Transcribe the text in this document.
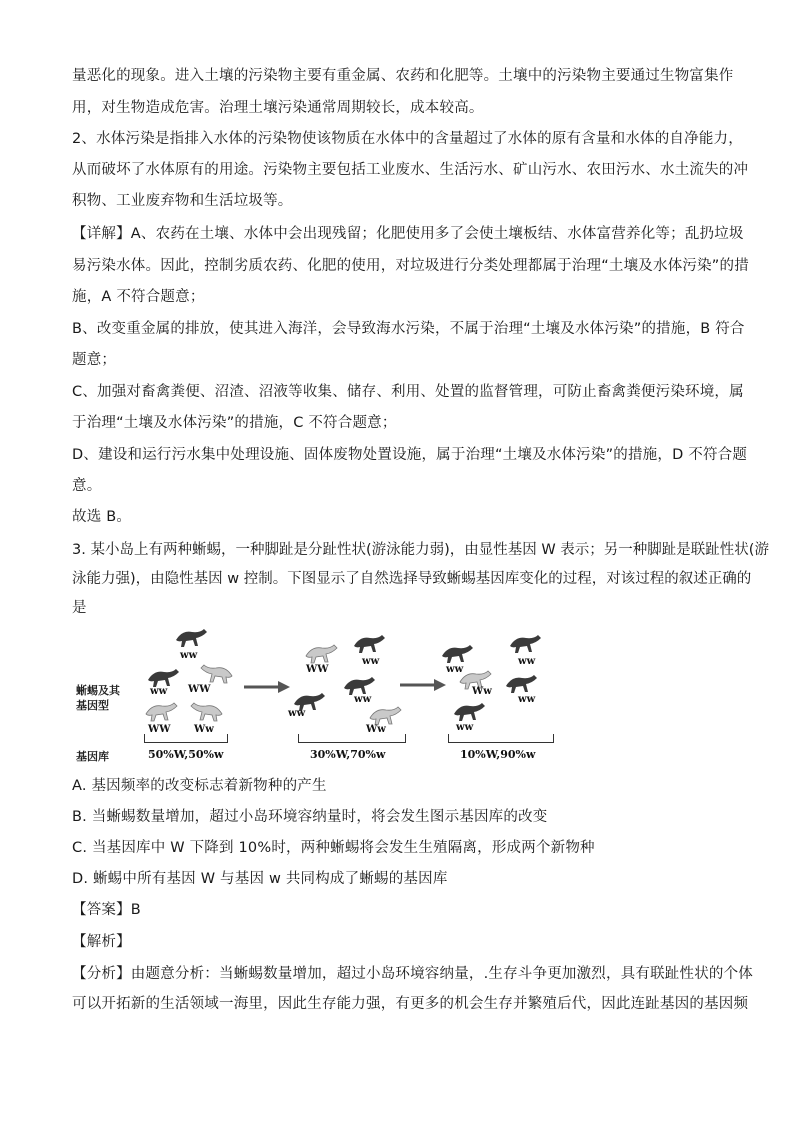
量恶化的现象。进入土壤的污染物主要有重金属、农药和化肥等。土壤中的污染物主要通过生物富集作
用，对生物造成危害。治理土壤污染通常周期较长，成本较高。
2、水体污染是指排入水体的污染物使该物质在水体中的含量超过了水体的原有含量和水体的自净能力，
从而破坏了水体原有的用途。污染物主要包括工业废水、生活污水、矿山污水、农田污水、水土流失的冲
积物、工业废弃物和生活垃圾等。
【详解】A、农药在土壤、水体中会出现残留；化肥使用多了会使土壤板结、水体富营养化等；乱扔垃圾
易污染水体。因此，控制劣质农药、化肥的使用，对垃圾进行分类处理都属于治理“土壤及水体污染”的措
施，A 不符合题意；
B、改变重金属的排放，使其进入海洋，会导致海水污染，不属于治理“土壤及水体污染”的措施，B 符合
题意；
C、加强对畜禽粪便、沼渣、沼液等收集、储存、利用、处置的监督管理，可防止畜禽粪便污染环境，属
于治理“土壤及水体污染”的措施，C 不符合题意；
D、建设和运行污水集中处理设施、固体废物处置设施，属于治理“土壤及水体污染”的措施，D 不符合题
意。
故选 B。
3. 某小岛上有两种蜥蜴，一种脚趾是分趾性状(游泳能力弱)，由显性基因 W 表示；另一种脚趾是联趾性状(游
泳能力强)，由隐性基因 w 控制。下图显示了自然选择导致蜥蜴基因库变化的过程，对该过程的叙述正确的
是
蜥蜴及其
基因型
基因库
ww
ww WW
WW Ww
50%W,50%w
WW
ww
ww
ww
Ww
30%W,70%w
ww
ww
Ww
ww
ww
10%W,90%w
A. 基因频率的改变标志着新物种的产生
B. 当蜥蜴数量增加，超过小岛环境容纳量时，将会发生图示基因库的改变
C. 当基因库中 W 下降到 10%时，两种蜥蜴将会发生生殖隔离，形成两个新物种
D. 蜥蜴中所有基因 W 与基因 w 共同构成了蜥蜴的基因库
【答案】B
【解析】
【分析】由题意分析：当蜥蜴数量增加，超过小岛环境容纳量，.生存斗争更加激烈，具有联趾性状的个体
可以开拓新的生活领域一海里，因此生存能力强，有更多的机会生存并繁殖后代，因此连趾基因的基因频
